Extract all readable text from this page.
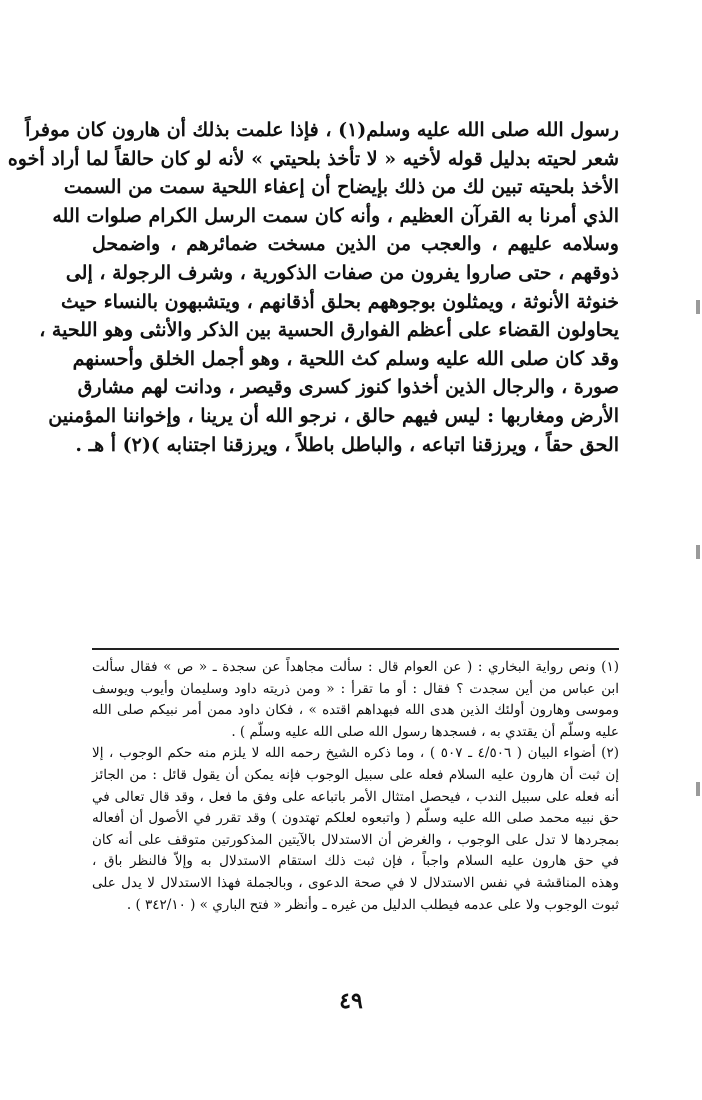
رسول الله صلى الله عليه وسلم(١) ، فإذا علمت بذلك أن هارون كان موفراً
شعر لحيته بدليل قوله لأخيه « لا تأخذ بلحيتي » لأنه لو كان حالقاً لما أراد أخوه
الأخذ بلحيته تبين لك من ذلك بإيضاح أن إعفاء اللحية سمت من السمت
الذي أمرنا به القرآن العظيم ، وأنه كان سمت الرسل الكرام صلوات الله
وسلامه عليهم ، والعجب من الذين مسخت ضمائرهم ، واضمحل
ذوقهم ، حتى صاروا يفرون من صفات الذكورية ، وشرف الرجولة ، إلى
خنوثة الأنوثة ، ويمثلون بوجوههم بحلق أذقانهم ، ويتشبهون بالنساء حيث
يحاولون القضاء على أعظم الفوارق الحسية بين الذكر والأنثى وهو اللحية ،
وقد كان صلى الله عليه وسلم كث اللحية ، وهو أجمل الخلق وأحسنهم
صورة ، والرجال الذين أخذوا كنوز كسرى وقيصر ، ودانت لهم مشارق
الأرض ومغاربها : ليس فيهم حالق ، نرجو الله أن يرينا ، وإخواننا المؤمنين
الحق حقاً ، ويرزقنا اتباعه ، والباطل باطلاً ، ويرزقنا اجتنابه )(٢) أ هـ .
(١) ونص رواية البخاري : ( عن العوام قال : سألت مجاهداً عن سجدة ـ « ص » فقال سألت
ابن عباس من أين سجدت ؟ فقال : أو ما تقرأ : « ومن ذريته داود وسليمان وأيوب ويوسف
وموسى وهارون أولئك الذين هدى الله فبهداهم اقتده » ، فكان داود ممن أمر نبيكم صلى الله
عليه وسلّم أن يقتدي به ، فسجدها رسول الله صلى الله عليه وسلّم ) .
(٢) أضواء البيان ( ٤/٥٠٦ ـ ٥٠٧ ) ، وما ذكره الشيخ رحمه الله لا يلزم منه حكم الوجوب ، إلا
إن ثبت أن هارون عليه السلام فعله على سبيل الوجوب فإنه يمكن أن يقول قائل : من الجائز
أنه فعله على سبيل الندب ، فيحصل امتثال الأمر باتباعه على وفق ما فعل ، وقد قال تعالى في
حق نبيه محمد صلى الله عليه وسلّم ( واتبعوه لعلكم تهتدون ) وقد تقرر في الأصول أن أفعاله
بمجردها لا تدل على الوجوب ، والغرض أن الاستدلال بالآيتين المذكورتين متوقف على أنه كان
في حق هارون عليه السلام واجباً ، فإن ثبت ذلك استقام الاستدلال به وإلاّ فالنظر باق ،
وهذه المناقشة في نفس الاستدلال لا في صحة الدعوى ، وبالجملة فهذا الاستدلال لا يدل على
ثبوت الوجوب ولا على عدمه فيطلب الدليل من غيره ـ وأنظر « فتح الباري » ( ٣٤٢/١٠ ) .
٤٩
